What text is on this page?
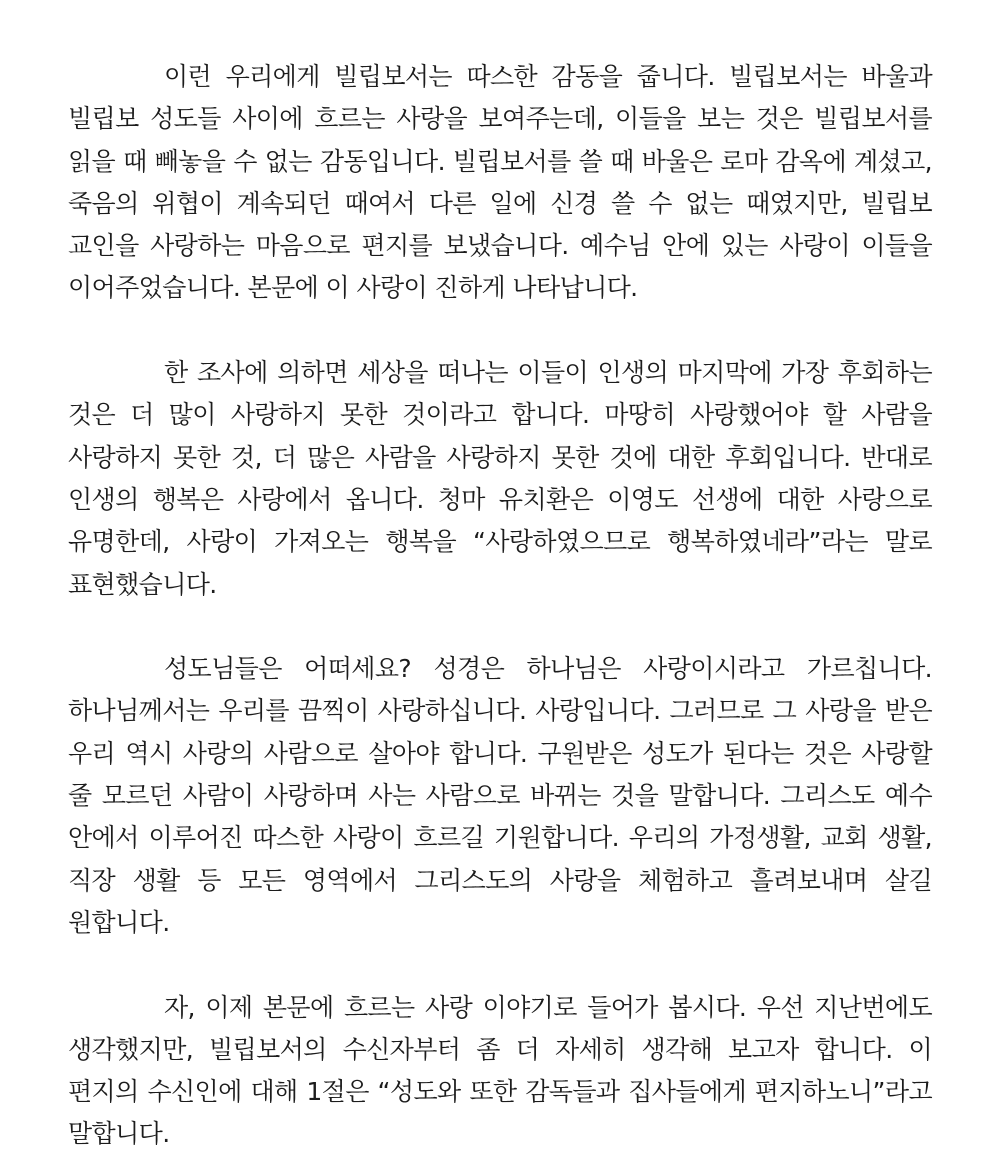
이런 우리에게 빌립보서는 따스한 감동을 줍니다. 빌립보서는 바울과 빌립보 성도들 사이에 흐르는 사랑을 보여주는데, 이들을 보는 것은 빌립보서를 읽을 때 빼놓을 수 없는 감동입니다. 빌립보서를 쓸 때 바울은 로마 감옥에 계셨고, 죽음의 위협이 계속되던 때여서 다른 일에 신경 쓸 수 없는 때였지만, 빌립보 교인을 사랑하는 마음으로 편지를 보냈습니다. 예수님 안에 있는 사랑이 이들을 이어주었습니다. 본문에 이 사랑이 진하게 나타납니다.

한 조사에 의하면 세상을 떠나는 이들이 인생의 마지막에 가장 후회하는 것은 더 많이 사랑하지 못한 것이라고 합니다. 마땅히 사랑했어야 할 사람을 사랑하지 못한 것, 더 많은 사람을 사랑하지 못한 것에 대한 후회입니다. 반대로 인생의 행복은 사랑에서 옵니다. 청마 유치환은 이영도 선생에 대한 사랑으로 유명한데, 사랑이 가져오는 행복을 “사랑하였으므로 행복하였네라”라는 말로 표현했습니다.

성도님들은 어떠세요? 성경은 하나님은 사랑이시라고 가르칩니다. 하나님께서는 우리를 끔찍이 사랑하십니다. 사랑입니다. 그러므로 그 사랑을 받은 우리 역시 사랑의 사람으로 살아야 합니다. 구원받은 성도가 된다는 것은 사랑할 줄 모르던 사람이 사랑하며 사는 사람으로 바뀌는 것을 말합니다. 그리스도 예수 안에서 이루어진 따스한 사랑이 흐르길 기원합니다. 우리의 가정생활, 교회 생활, 직장 생활 등 모든 영역에서 그리스도의 사랑을 체험하고 흘려보내며 살길 원합니다.

자, 이제 본문에 흐르는 사랑 이야기로 들어가 봅시다. 우선 지난번에도 생각했지만, 빌립보서의 수신자부터 좀 더 자세히 생각해 보고자 합니다. 이 편지의 수신인에 대해 1절은 “성도와 또한 감독들과 집사들에게 편지하노니”라고 말합니다.
